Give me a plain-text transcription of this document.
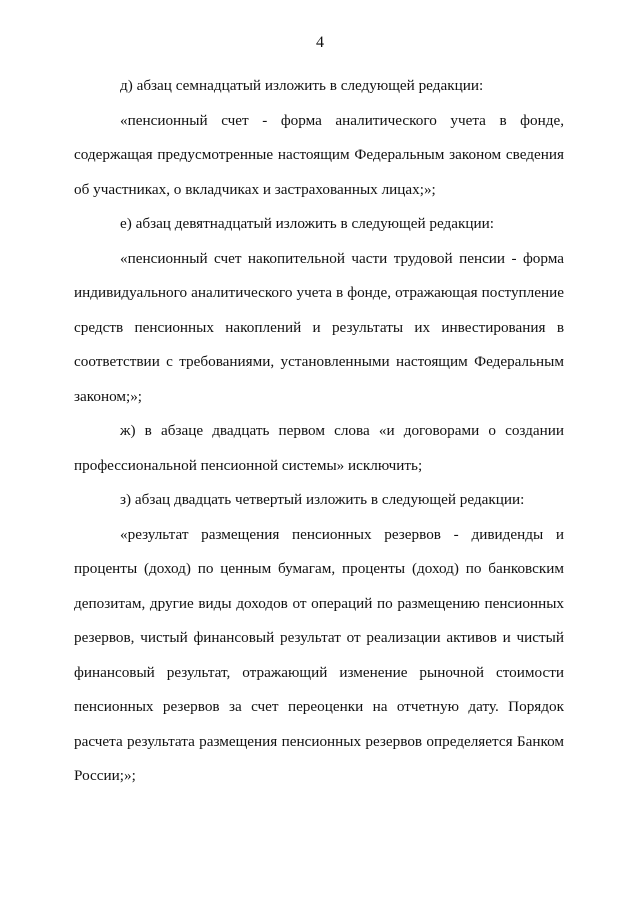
4

д) абзац семнадцатый изложить в следующей редакции:

«пенсионный счет - форма аналитического учета в фонде, содержащая предусмотренные настоящим Федеральным законом сведения об участниках, о вкладчиках и застрахованных лицах;»;

е) абзац девятнадцатый изложить в следующей редакции:

«пенсионный счет накопительной части трудовой пенсии - форма индивидуального аналитического учета в фонде, отражающая поступление средств пенсионных накоплений и результаты их инвестирования в соответствии с требованиями, установленными настоящим Федеральным законом;»;

ж) в абзаце двадцать первом слова «и договорами о создании профессиональной пенсионной системы» исключить;

з) абзац двадцать четвертый изложить в следующей редакции:

«результат размещения пенсионных резервов - дивиденды и проценты (доход) по ценным бумагам, проценты (доход) по банковским депозитам, другие виды доходов от операций по размещению пенсионных резервов, чистый финансовый результат от реализации активов и чистый финансовый результат, отражающий изменение рыночной стоимости пенсионных резервов за счет переоценки на отчетную дату. Порядок расчета результата размещения пенсионных резервов определяется Банком России;»;
